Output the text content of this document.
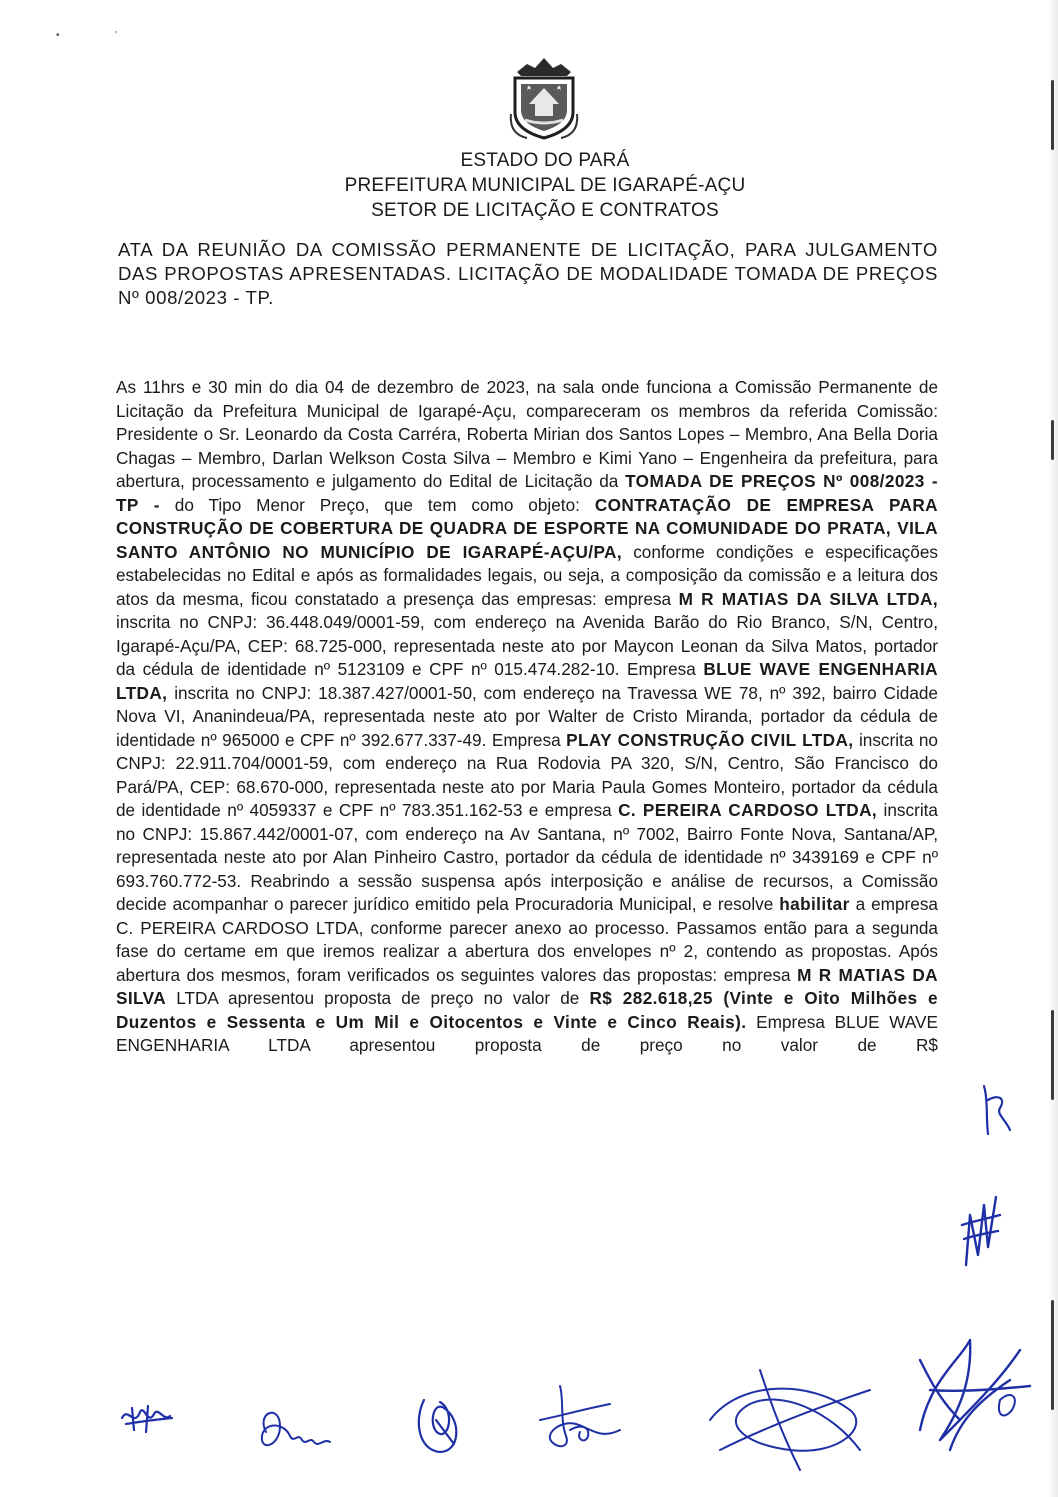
•                    '
ESTADO DO PARÁ
PREFEITURA MUNICIPAL DE IGARAPÉ-AÇU
SETOR DE LICITAÇÃO E CONTRATOS
ATA DA REUNIÃO DA COMISSÃO PERMANENTE DE LICITAÇÃO, PARA JULGAMENTO DAS PROPOSTAS APRESENTADAS. LICITAÇÃO DE MODALIDADE TOMADA DE PREÇOS Nº 008/2023 - TP.
As 11hrs e 30 min do dia 04 de dezembro de 2023, na sala onde funciona a Comissão Permanente de Licitação da Prefeitura Municipal de Igarapé-Açu, compareceram os membros da referida Comissão: Presidente o Sr. Leonardo da Costa Carréra, Roberta Mirian dos Santos Lopes – Membro, Ana Bella Doria Chagas – Membro, Darlan Welkson Costa Silva – Membro e Kimi Yano – Engenheira da prefeitura, para abertura, processamento e julgamento do Edital de Licitação da TOMADA DE PREÇOS Nº 008/2023 - TP - do Tipo Menor Preço, que tem como objeto: CONTRATAÇÃO DE EMPRESA PARA CONSTRUÇÃO DE COBERTURA DE QUADRA DE ESPORTE NA COMUNIDADE DO PRATA, VILA SANTO ANTÔNIO NO MUNICÍPIO DE IGARAPÉ-AÇU/PA, conforme condições e especificações estabelecidas no Edital e após as formalidades legais, ou seja, a composição da comissão e a leitura dos atos da mesma, ficou constatado a presença das empresas: empresa M R MATIAS DA SILVA LTDA, inscrita no CNPJ: 36.448.049/0001-59, com endereço na Avenida Barão do Rio Branco, S/N, Centro, Igarapé-Açu/PA, CEP: 68.725-000, representada neste ato por Maycon Leonan da Silva Matos, portador da cédula de identidade nº 5123109 e CPF nº 015.474.282-10. Empresa BLUE WAVE ENGENHARIA LTDA, inscrita no CNPJ: 18.387.427/0001-50, com endereço na Travessa WE 78, nº 392, bairro Cidade Nova VI, Ananindeua/PA, representada neste ato por Walter de Cristo Miranda, portador da cédula de identidade nº 965000 e CPF nº 392.677.337-49. Empresa PLAY CONSTRUÇÃO CIVIL LTDA, inscrita no CNPJ: 22.911.704/0001-59, com endereço na Rua Rodovia PA 320, S/N, Centro, São Francisco do Pará/PA, CEP: 68.670-000, representada neste ato por Maria Paula Gomes Monteiro, portador da cédula de identidade nº 4059337 e CPF nº 783.351.162-53 e empresa C. PEREIRA CARDOSO LTDA, inscrita no CNPJ: 15.867.442/0001-07, com endereço na Av Santana, nº 7002, Bairro Fonte Nova, Santana/AP, representada neste ato por Alan Pinheiro Castro, portador da cédula de identidade nº 3439169 e CPF nº 693.760.772-53. Reabrindo a sessão suspensa após interposição e análise de recursos, a Comissão decide acompanhar o parecer jurídico emitido pela Procuradoria Municipal, e resolve habilitar a empresa C. PEREIRA CARDOSO LTDA, conforme parecer anexo ao processo. Passamos então para a segunda fase do certame em que iremos realizar a abertura dos envelopes nº 2, contendo as propostas. Após abertura dos mesmos, foram verificados os seguintes valores das propostas: empresa M R MATIAS DA SILVA LTDA apresentou proposta de preço no valor de R$ 282.618,25 (Vinte e Oito Milhões e Duzentos e Sessenta e Um Mil e Oitocentos e Vinte e Cinco Reais). Empresa BLUE WAVE ENGENHARIA LTDA apresentou proposta de preço no valor de R$
